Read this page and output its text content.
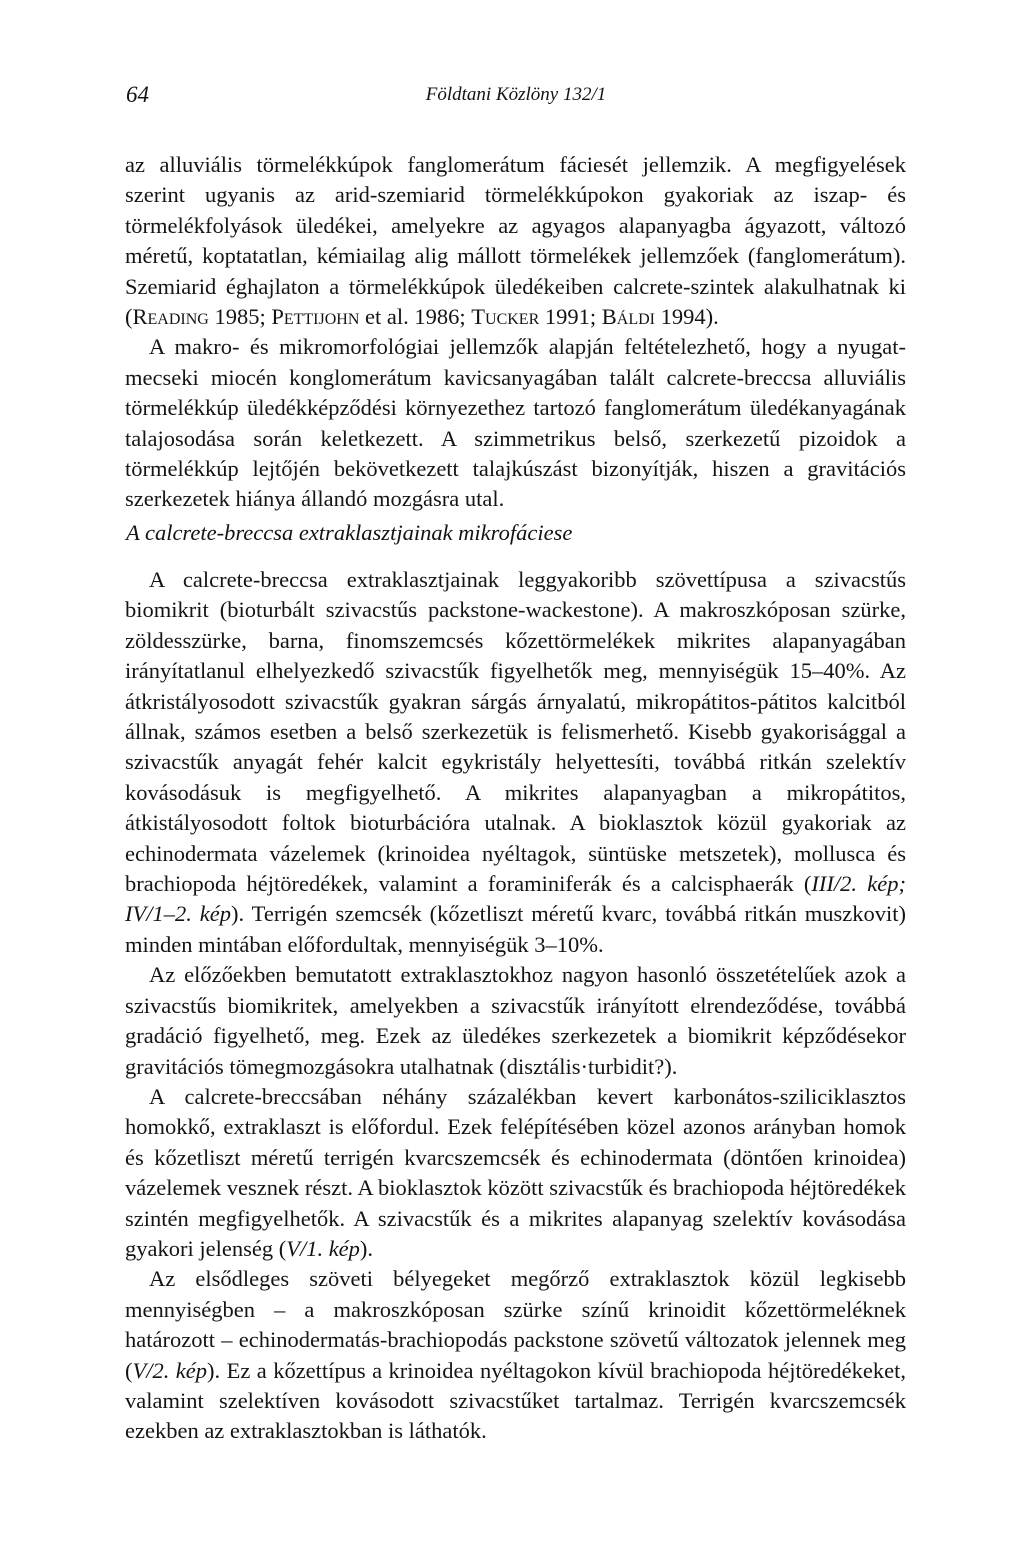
64	Földtani Közlöny 132/1

az alluviális törmelékkúpok fanglomerátum fáciesét jellemzik. A megfigyelések szerint ugyanis az arid-szemiarid törmelékkúpokon gyakoriak az iszap- és törmelékfolyások üledékei, amelyekre az agyagos alapanyagba ágyazott, változó méretű, koptatatlan, kémiailag alig mállott törmelékek jellemzőek (fanglomerátum). Szemiarid éghajlaton a törmelékkúpok üledékeiben calcrete-szintek alakulhatnak ki (Reading 1985; Pettijohn et al. 1986; Tucker 1991; Báldi 1994).

A makro- és mikromorfológiai jellemzők alapján feltételezhető, hogy a nyugatmecseki miocén konglomerátum kavicsanyagában talált calcrete-breccsa alluviális törmelékkúp üledékképződési környezethez tartozó fanglomerátum üledékanyagának talajosodása során keletkezett. A szimmetrikus belső, szerkezetű pizoidok a törmelékkúp lejtőjén bekövetkezett talajkúszást bizonyítják, hiszen a gravitációs szerkezetek hiánya állandó mozgásra utal.

A calcrete-breccsa extraklasztjainak mikrofáciese

A calcrete-breccsa extraklasztjainak leggyakoribb szövettípusa a szivacstűs biomikrit (bioturbált szivacstűs packstone-wackestone). A makroszkóposan szürke, zöldesszürke, barna, finomszemcsés kőzettörmelékek mikrites alapanyagában irányítatlanul elhelyezkedő szivacstűk figyelhetők meg, mennyiségük 15–40%. Az átkristályosodott szivacstűk gyakran sárgás árnyalatú, mikropátitos-pátitos kalcitból állnak, számos esetben a belső szerkezetük is felismerhető. Kisebb gyakorisággal a szivacstűk anyagát fehér kalcit egykristály helyettesíti, továbbá ritkán szelektív kovásodásuk is megfigyelhető. A mikrites alapanyagban a mikropátitos, átkistályosodott foltok bioturbációra utalnak. A bioklasztok közül gyakoriak az echinodermata vázelemek (krinoidea nyéltagok, süntüske metszetek), mollusca és brachiopoda héjtöredékek, valamint a foraminiferák és a calcisphaerák (III/2. kép; IV/1–2. kép). Terrigén szemcsék (kőzetliszt méretű kvarc, továbbá ritkán muszkovit) minden mintában előfordultak, mennyiségük 3–10%.

Az előzőekben bemutatott extraklasztokhoz nagyon hasonló összetételűek azok a szivacstűs biomikritek, amelyekben a szivacstűk irányított elrendeződése, továbbá gradáció figyelhető, meg. Ezek az üledékes szerkezetek a biomikrit képződésekor gravitációs tömegmozgásokra utalhatnak (disztális·turbidit?).

A calcrete-breccsában néhány százalékban kevert karbonátos-sziliciklasztos homokkő, extraklaszt is előfordul. Ezek felépítésében közel azonos arányban homok és kőzetliszt méretű terrigén kvarcszemcsék és echinodermata (döntően krinoidea) vázelemek vesznek részt. A bioklasztok között szivacstűk és brachiopoda héjtöredékek szintén megfigyelhetők. A szivacstűk és a mikrites alapanyag szelektív kovásodása gyakori jelenség (V/1. kép).

Az elsődleges szöveti bélyegeket megőrző extraklasztok közül legkisebb mennyiségben – a makroszkóposan szürke színű krinoidit kőzettörmeléknek határozott – echinodermatás-brachiopodás packstone szövetű változatok jelennek meg (V/2. kép). Ez a kőzettípus a krinoidea nyéltagokon kívül brachiopoda héjtöredékeket, valamint szelektíven kovásodott szivacstűket tartalmaz. Terrigén kvarcszemcsék ezekben az extraklasztokban is láthatók.
